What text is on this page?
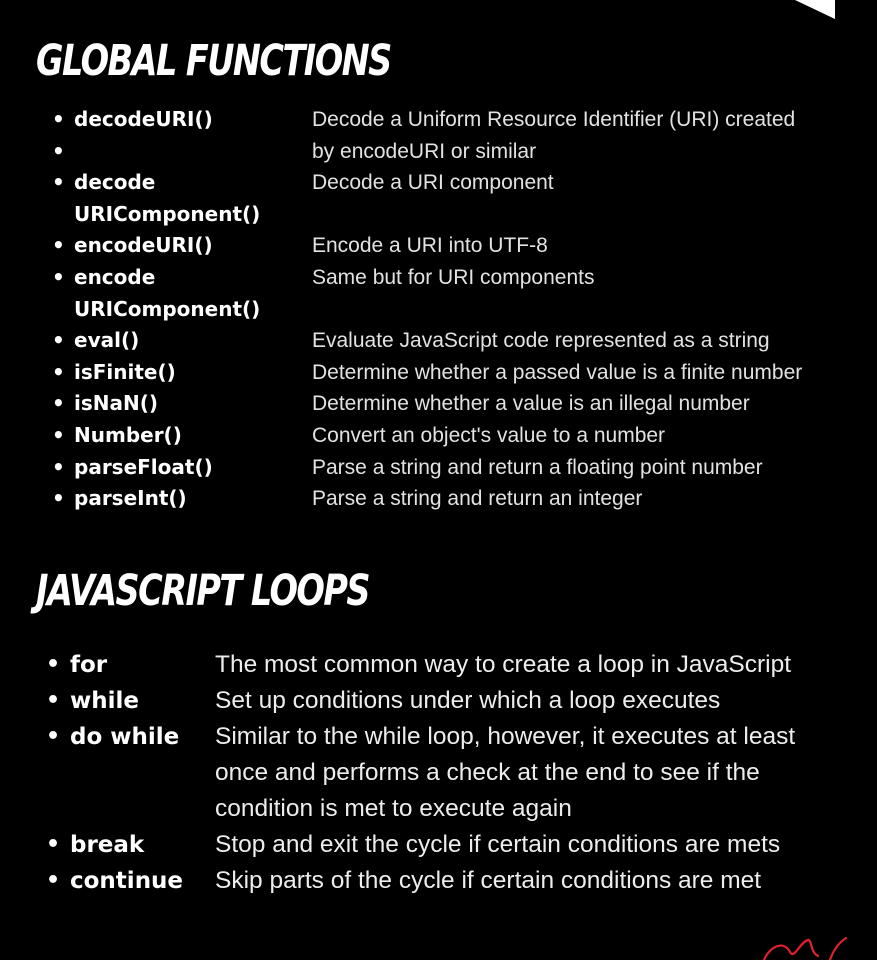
GLOBAL FUNCTIONS
• decodeURI()	Decode a Uniform Resource Identifier (URI) created
•	by encodeURI or similar
• decode	Decode a URI component
URIComponent()
• encodeURI()	Encode a URI into UTF-8
• encode	Same but for URI components
URIComponent()
• eval()	Evaluate JavaScript code represented as a string
• isFinite()	Determine whether a passed value is a finite number
• isNaN()	Determine whether a value is an illegal number
• Number()	Convert an object's value to a number
• parseFloat()	Parse a string and return a floating point number
• parseInt()	Parse a string and return an integer
JAVASCRIPT LOOPS
• for	The most common way to create a loop in JavaScript
• while	Set up conditions under which a loop executes
• do while	Similar to the while loop, however, it executes at least
once and performs a check at the end to see if the
condition is met to execute again
• break	Stop and exit the cycle if certain conditions are mets
• continue	Skip parts of the cycle if certain conditions are met
